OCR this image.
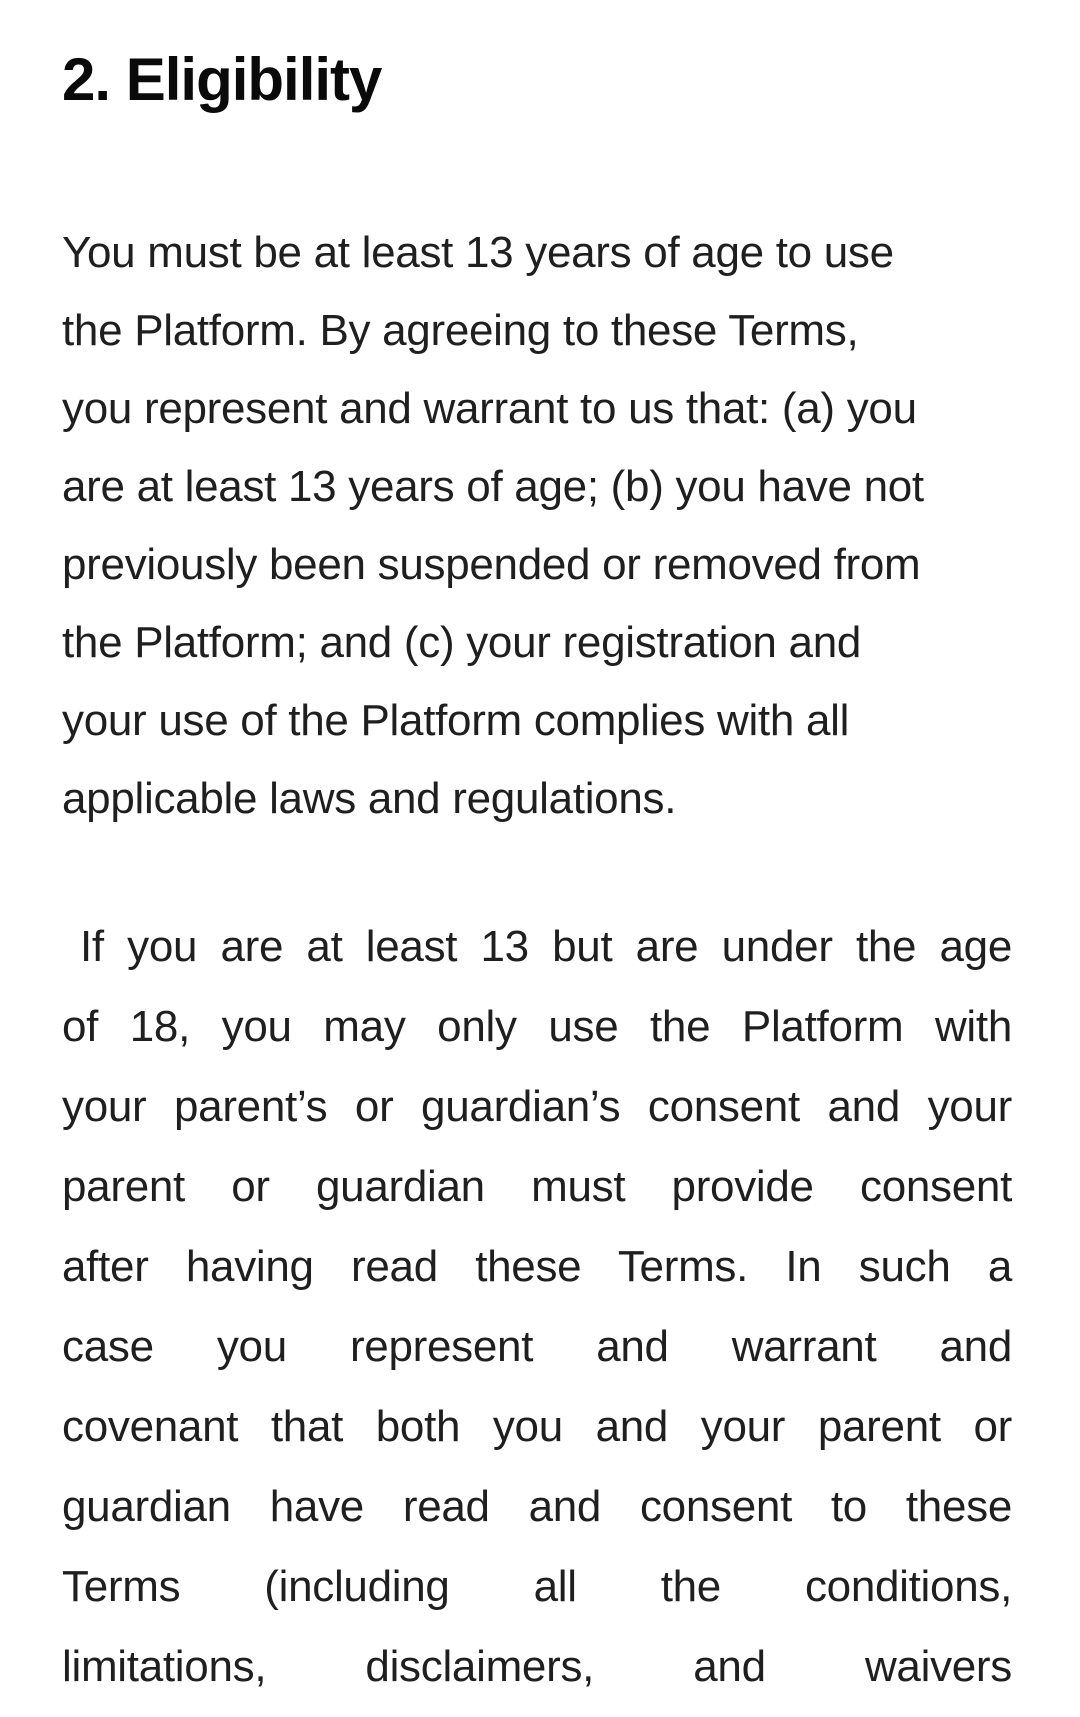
2. Eligibility

You must be at least 13 years of age to use
the Platform. By agreeing to these Terms,
you represent and warrant to us that: (a) you
are at least 13 years of age; (b) you have not
previously been suspended or removed from
the Platform; and (c) your registration and
your use of the Platform complies with all
applicable laws and regulations.

If you are at least 13 but are under the age
of 18, you may only use the Platform with
your parent’s or guardian’s consent and your
parent or guardian must provide consent
after having read these Terms. In such a
case you represent and warrant and
covenant that both you and your parent or
guardian have read and consent to these
Terms (including all the conditions,
limitations, disclaimers, and waivers
